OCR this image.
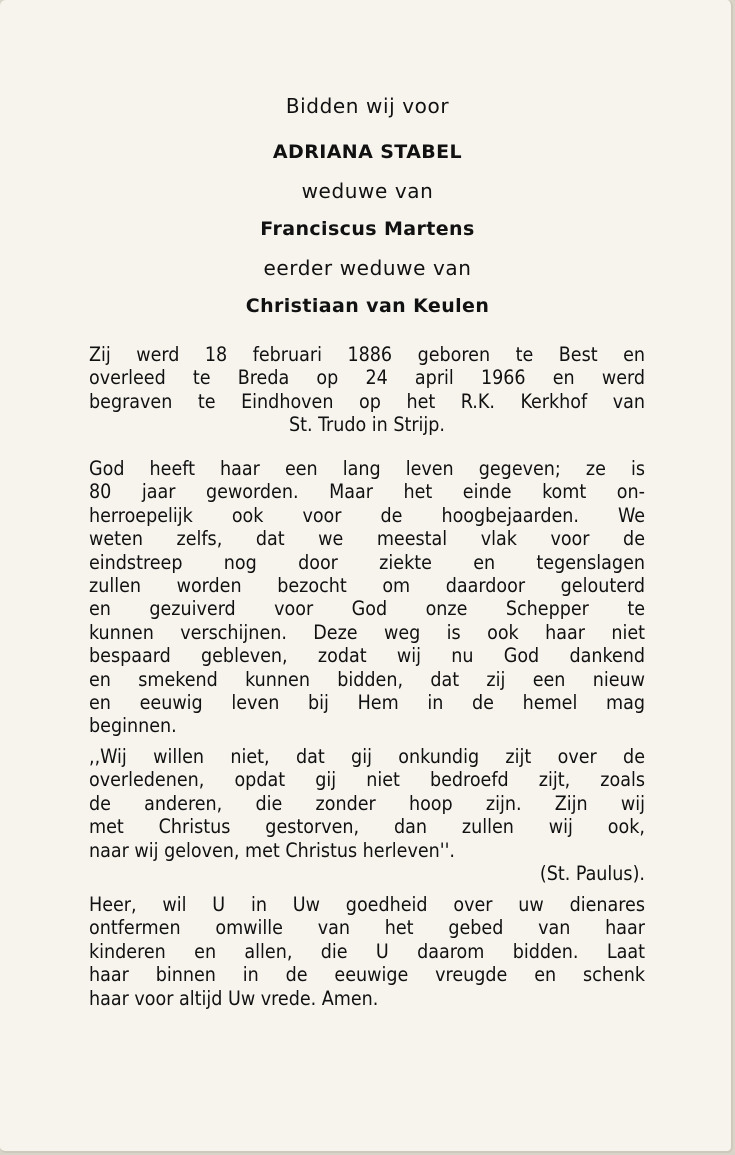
Bidden wij voor
ADRIANA STABEL
weduwe van
Franciscus Martens
eerder weduwe van
Christiaan van Keulen
Zij werd 18 februari 1886 geboren te Best en
overleed te Breda op 24 april 1966 en werd
begraven te Eindhoven op het R.K. Kerkhof van
St. Trudo in Strijp.
God heeft haar een lang leven gegeven; ze is
80 jaar geworden. Maar het einde komt on-
herroepelijk ook voor de hoogbejaarden. We
weten zelfs, dat we meestal vlak voor de
eindstreep nog door ziekte en tegenslagen
zullen worden bezocht om daardoor gelouterd
en gezuiverd voor God onze Schepper te
kunnen verschijnen. Deze weg is ook haar niet
bespaard gebleven, zodat wij nu God dankend
en smekend kunnen bidden, dat zij een nieuw
en eeuwig leven bij Hem in de hemel mag
beginnen.
,,Wij willen niet, dat gij onkundig zijt over de
overledenen, opdat gij niet bedroefd zijt, zoals
de anderen, die zonder hoop zijn. Zijn wij
met Christus gestorven, dan zullen wij ook,
naar wij geloven, met Christus herleven''.
(St. Paulus).
Heer, wil U in Uw goedheid over uw dienares
ontfermen omwille van het gebed van haar
kinderen en allen, die U daarom bidden. Laat
haar binnen in de eeuwige vreugde en schenk
haar voor altijd Uw vrede. Amen.
